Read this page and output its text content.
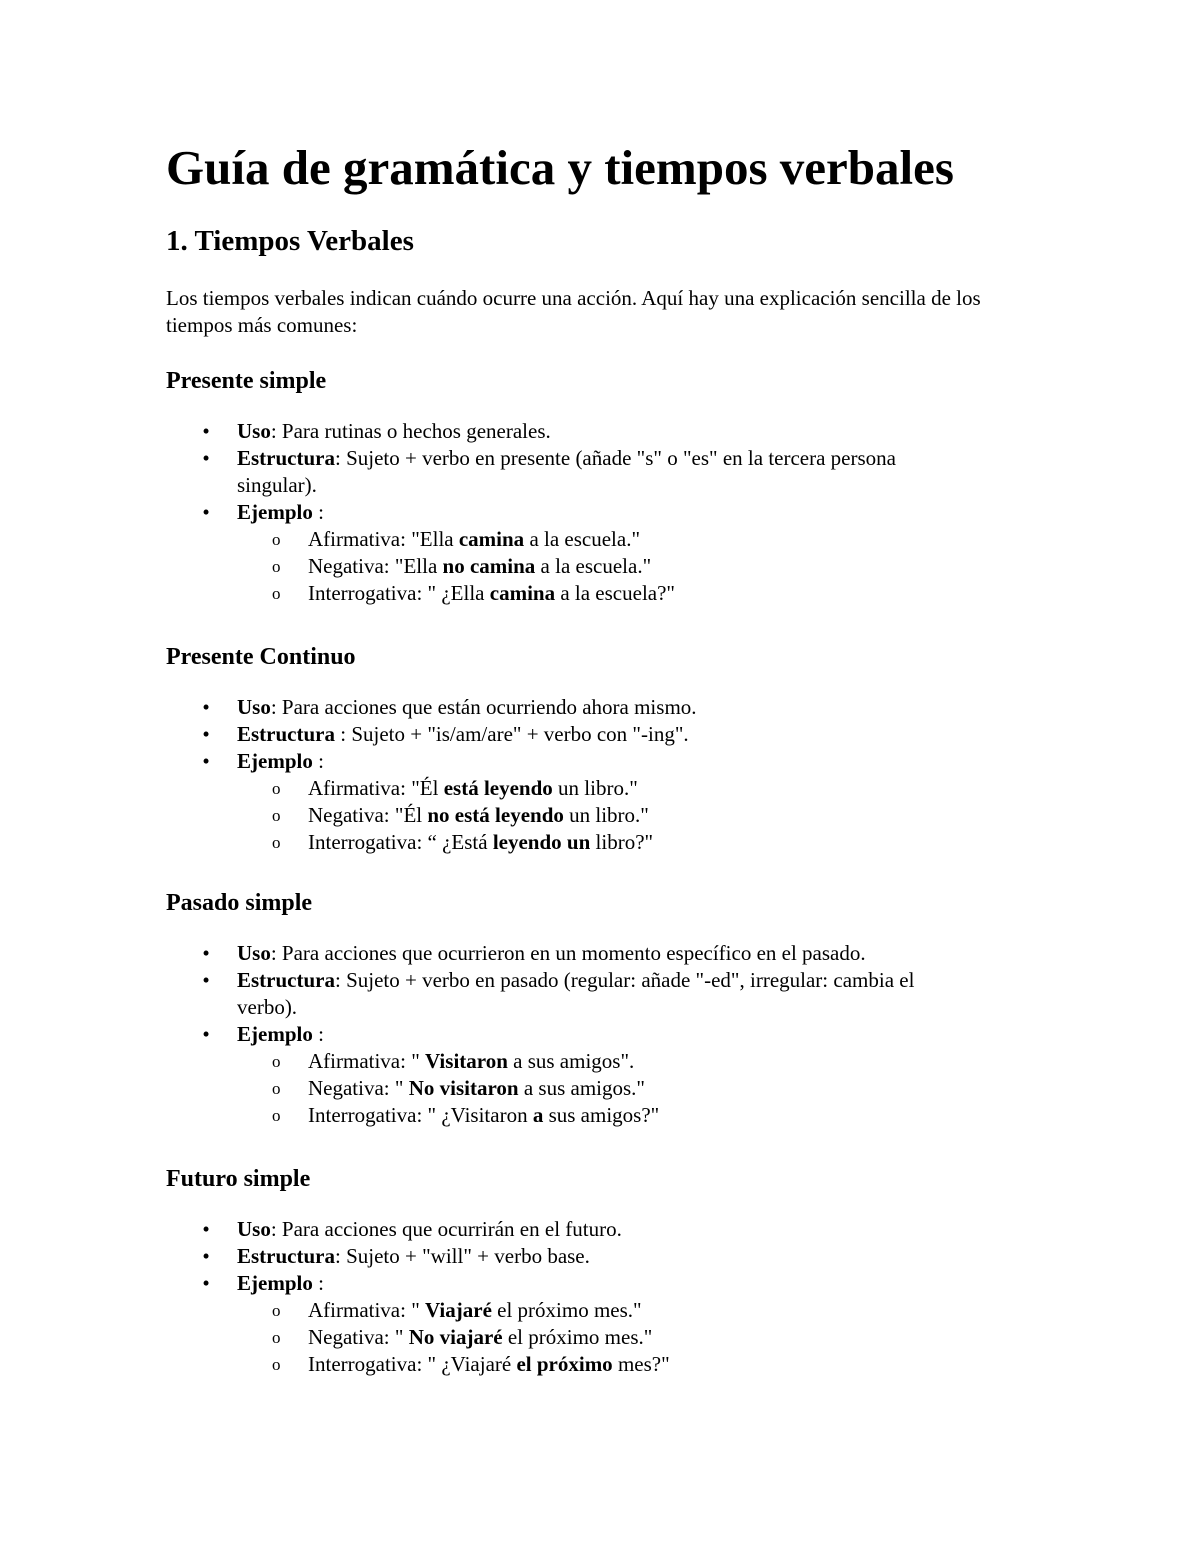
Guía de gramática y tiempos verbales
1. Tiempos Verbales

Los tiempos verbales indican cuándo ocurre una acción. Aquí hay una explicación sencilla de los tiempos más comunes:

Presente simple
• Uso: Para rutinas o hechos generales.
• Estructura: Sujeto + verbo en presente (añade "s" o "es" en la tercera persona singular).
• Ejemplo :
o Afirmativa: "Ella camina a la escuela."
o Negativa: "Ella no camina a la escuela."
o Interrogativa: " ¿Ella camina a la escuela?"
Presente Continuo
• Uso: Para acciones que están ocurriendo ahora mismo.
• Estructura : Sujeto + "is/am/are" + verbo con "-ing".
• Ejemplo :
o Afirmativa: "Él está leyendo un libro."
o Negativa: "Él no está leyendo un libro."
o Interrogativa: “ ¿Está leyendo un libro?"
Pasado simple
• Uso: Para acciones que ocurrieron en un momento específico en el pasado.
• Estructura: Sujeto + verbo en pasado (regular: añade "-ed", irregular: cambia el verbo).
• Ejemplo :
o Afirmativa: " Visitaron a sus amigos".
o Negativa: " No visitaron a sus amigos."
o Interrogativa: " ¿Visitaron a sus amigos?"
Futuro simple
• Uso: Para acciones que ocurrirán en el futuro.
• Estructura: Sujeto + "will" + verbo base.
• Ejemplo :
o Afirmativa: " Viajaré el próximo mes."
o Negativa: " No viajaré el próximo mes."
o Interrogativa: " ¿Viajaré el próximo mes?"
